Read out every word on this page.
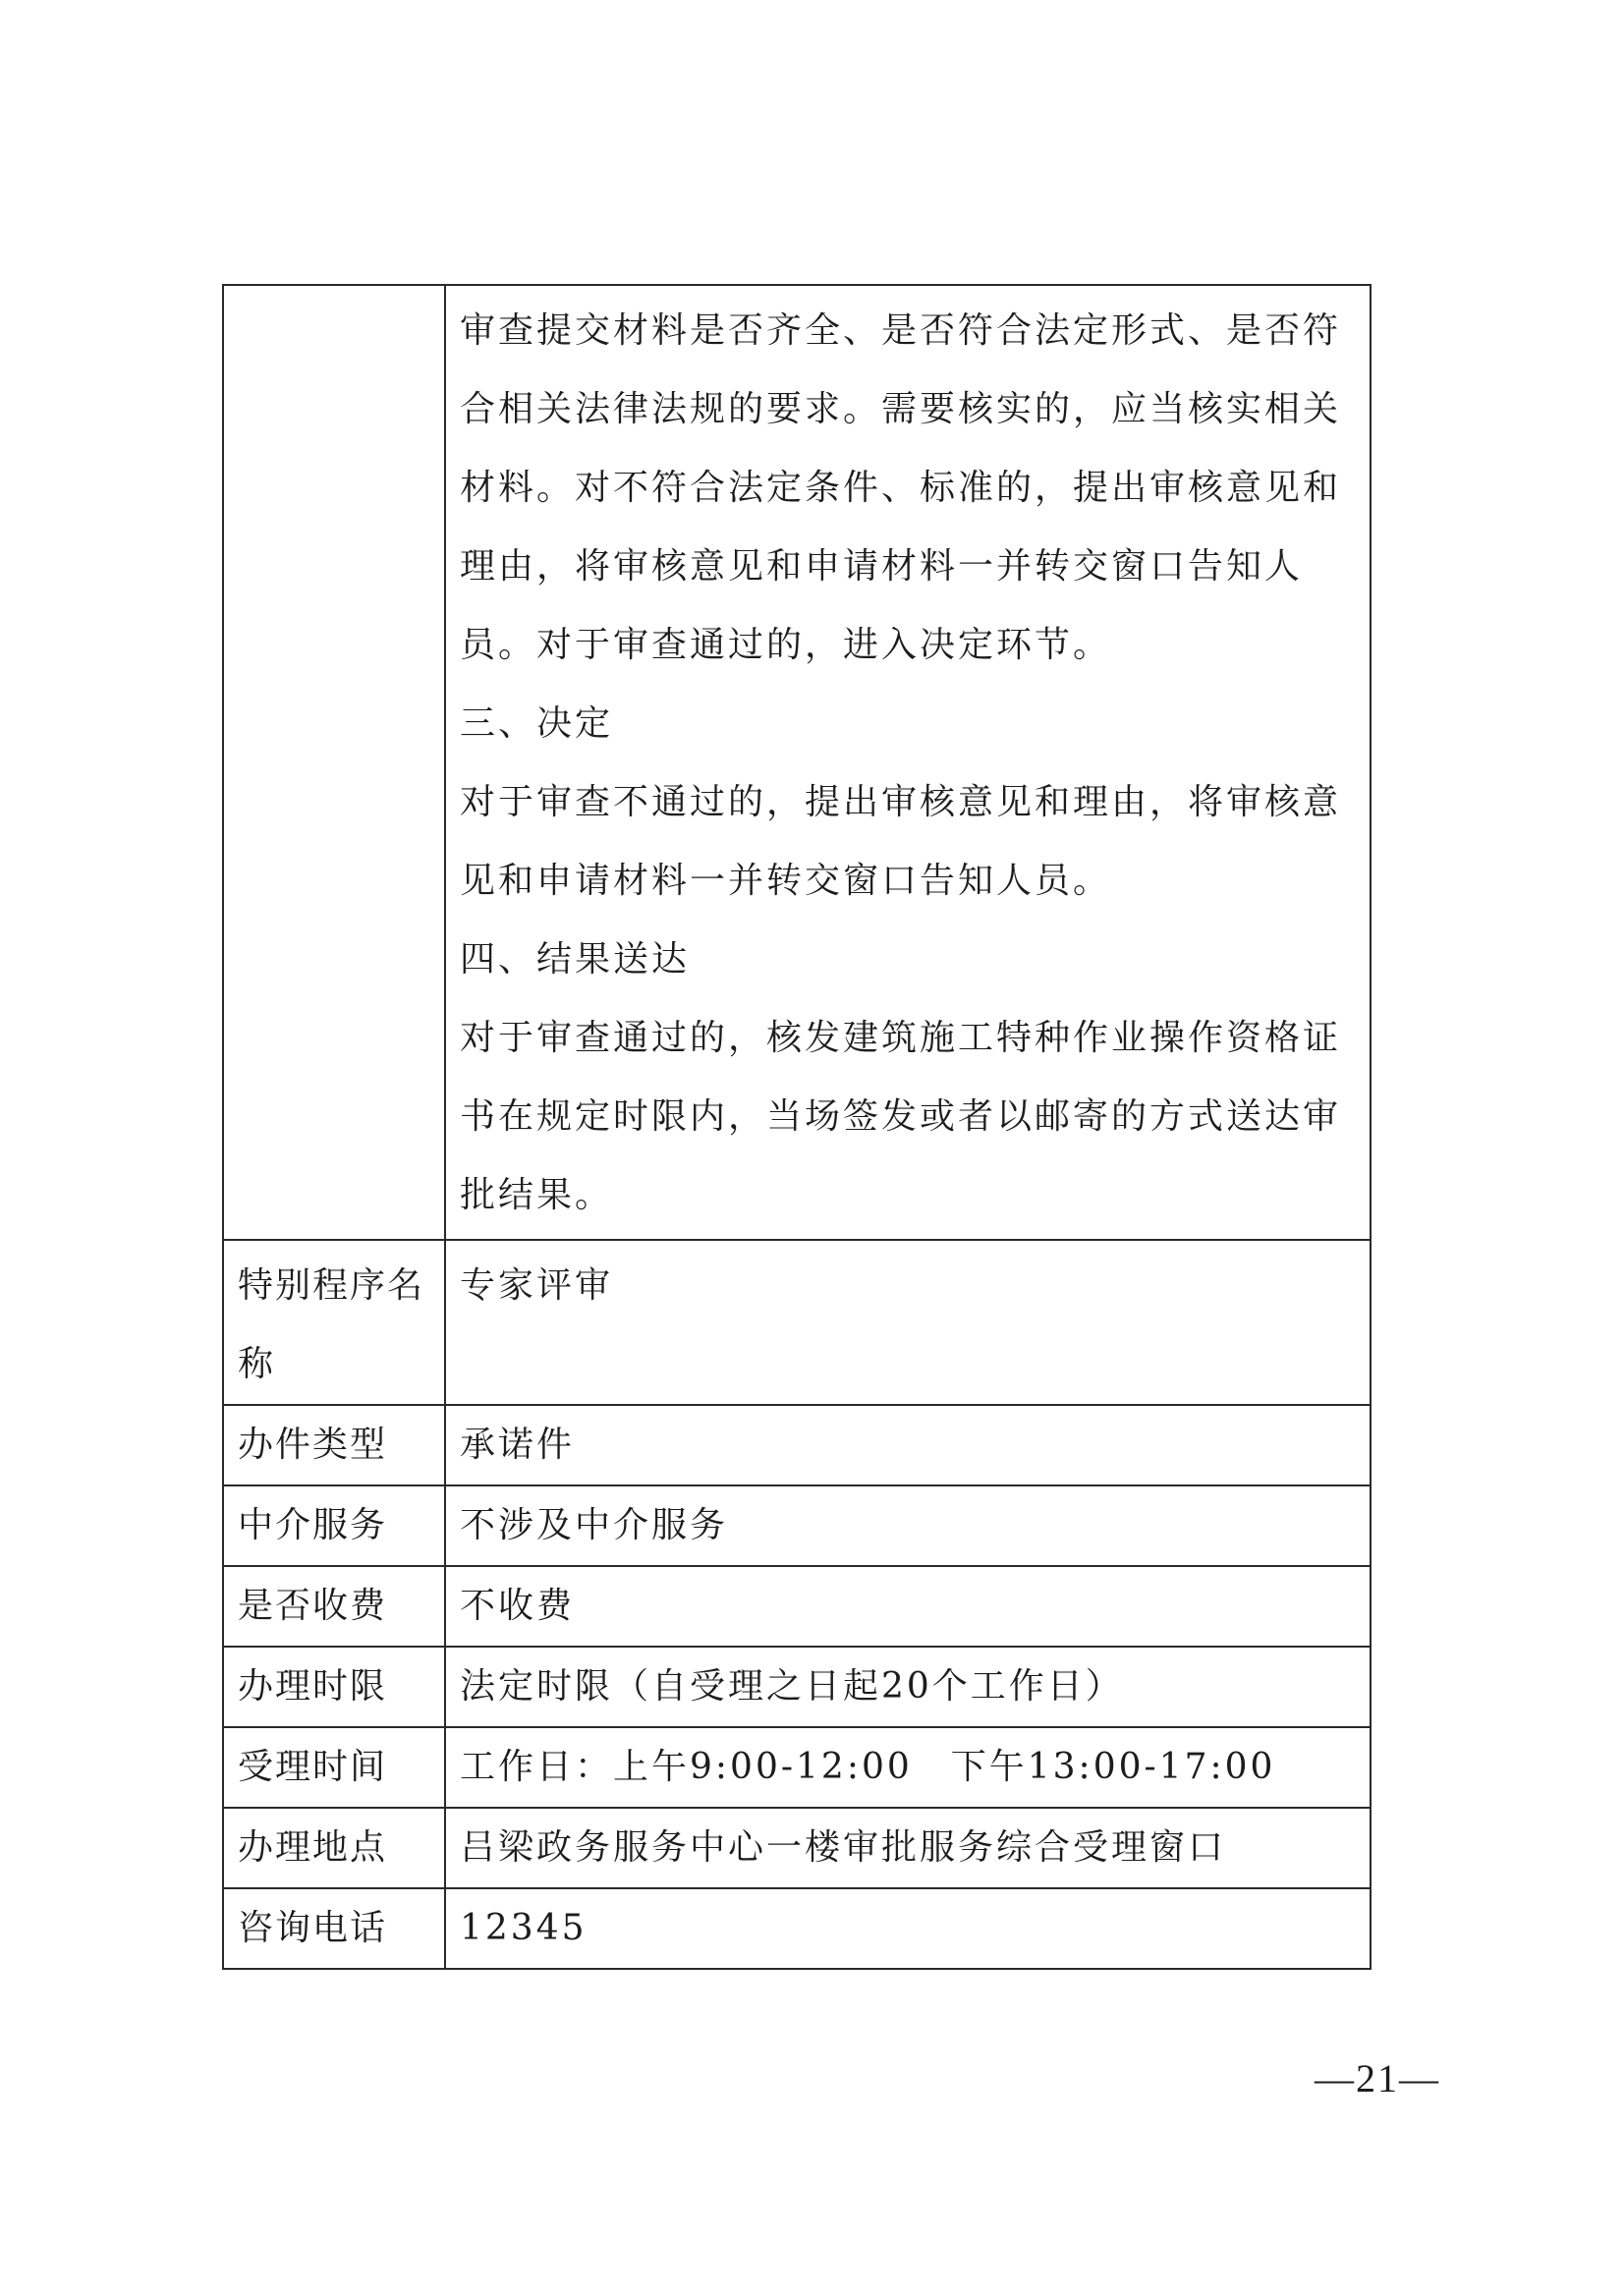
	审查提交材料是否齐全、是否符合法定形式、是否符合相关法律法规的要求。需要核实的，应当核实相关材料。对不符合法定条件、标准的，提出审核意见和理由，将审核意见和申请材料一并转交窗口告知人员。对于审查通过的，进入决定环节。
三、决定
对于审查不通过的，提出审核意见和理由，将审核意见和申请材料一并转交窗口告知人员。
四、结果送达
对于审查通过的，核发建筑施工特种作业操作资格证书在规定时限内，当场签发或者以邮寄的方式送达审批结果。

特别程序名称	专家评审
办件类型	承诺件
中介服务	不涉及中介服务
是否收费	不收费
办理时限	法定时限（自受理之日起20个工作日）
受理时间	工作日：上午9:00-12:00　下午13:00-17:00
办理地点	吕梁政务服务中心一楼审批服务综合受理窗口
咨询电话	12345
—21—
